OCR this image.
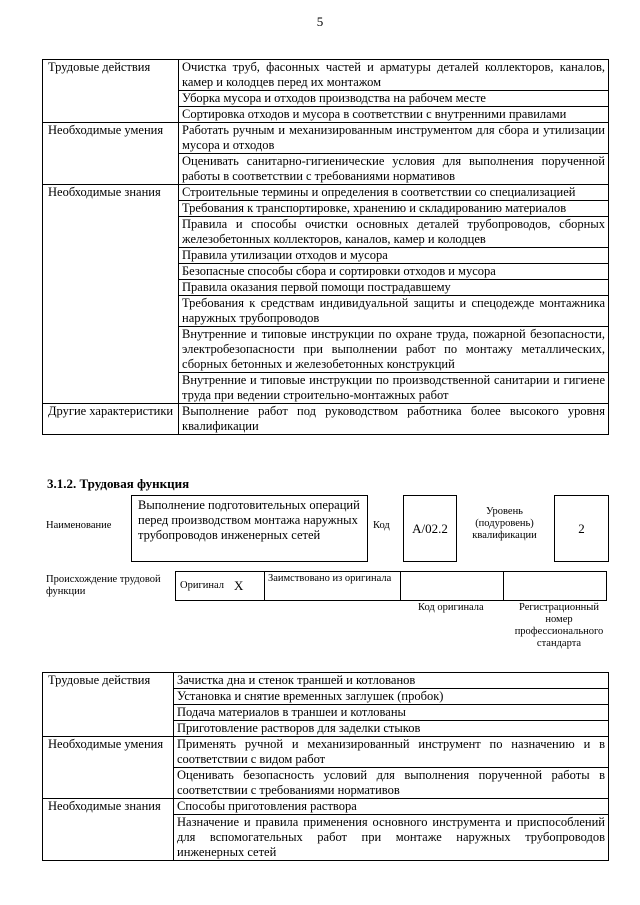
5
Трудовые действия	Очистка труб, фасонных частей и арматуры деталей коллекторов, каналов, камер и колодцев перед их монтажом
	Уборка мусора и отходов производства на рабочем месте
	Сортировка отходов и мусора в соответствии с внутренними правилами
Необходимые умения	Работать ручным и механизированным инструментом для сбора и утилизации мусора и отходов
	Оценивать санитарно-гигиенические условия для выполнения порученной работы в соответствии с требованиями нормативов
Необходимые знания	Строительные термины и определения в соответствии со специализацией
	Требования к транспортировке, хранению и складированию материалов
	Правила и способы очистки основных деталей трубопроводов, сборных железобетонных коллекторов, каналов, камер и колодцев
	Правила утилизации отходов и мусора
	Безопасные способы сбора и сортировки отходов и мусора
	Правила оказания первой помощи пострадавшему
	Требования к средствам индивидуальной защиты и спецодежде монтажника наружных трубопроводов
	Внутренние и типовые инструкции по охране труда, пожарной безопасности, электробезопасности при выполнении работ по монтажу металлических, сборных бетонных и железобетонных конструкций
	Внутренние и типовые инструкции по производственной санитарии и гигиене труда при ведении строительно-монтажных работ
Другие характеристики	Выполнение работ под руководством работника более высокого уровня квалификации
3.1.2. Трудовая функция
Наименование
Выполнение подготовительных операций перед производством монтажа наружных трубопроводов инженерных сетей
Код	A/02.2
Уровень (подуровень) квалификации	2
Происхождение трудовой функции
Оригинал X	Заимствовано из оригинала
Код оригинала	Регистрационный номер профессионального стандарта
Трудовые действия	Зачистка дна и стенок траншей и котлованов
	Установка и снятие временных заглушек (пробок)
	Подача материалов в траншеи и котлованы
	Приготовление растворов для заделки стыков
Необходимые умения	Применять ручной и механизированный инструмент по назначению и в соответствии с видом работ
	Оценивать безопасность условий для выполнения порученной работы в соответствии с требованиями нормативов
Необходимые знания	Способы приготовления раствора
	Назначение и правила применения основного инструмента и приспособлений для вспомогательных работ при монтаже наружных трубопроводов инженерных сетей
